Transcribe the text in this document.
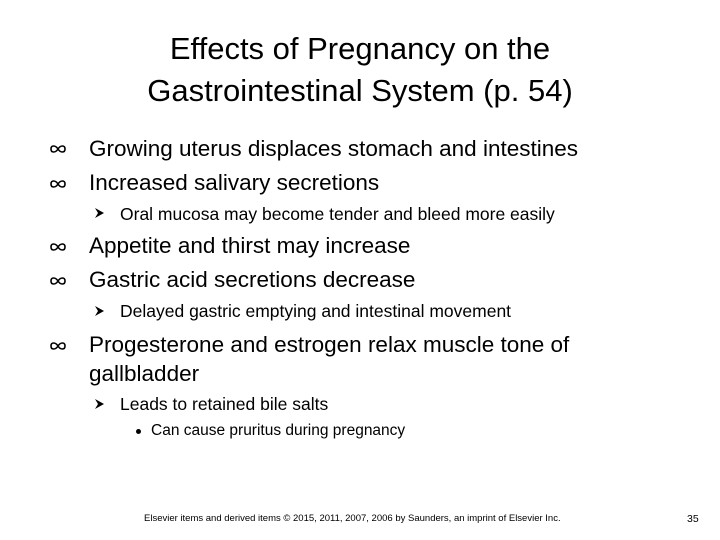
Effects of Pregnancy on the
Gastrointestinal System (p. 54)
Growing uterus displaces stomach and intestines
Increased salivary secretions
Oral mucosa may become tender and bleed more easily
Appetite and thirst may increase
Gastric acid secretions decrease
Delayed gastric emptying and intestinal movement
Progesterone and estrogen relax muscle tone of
gallbladder
Leads to retained bile salts
Can cause pruritus during pregnancy
Elsevier items and derived items © 2015, 2011, 2007, 2006 by Saunders, an imprint of Elsevier Inc.	35
